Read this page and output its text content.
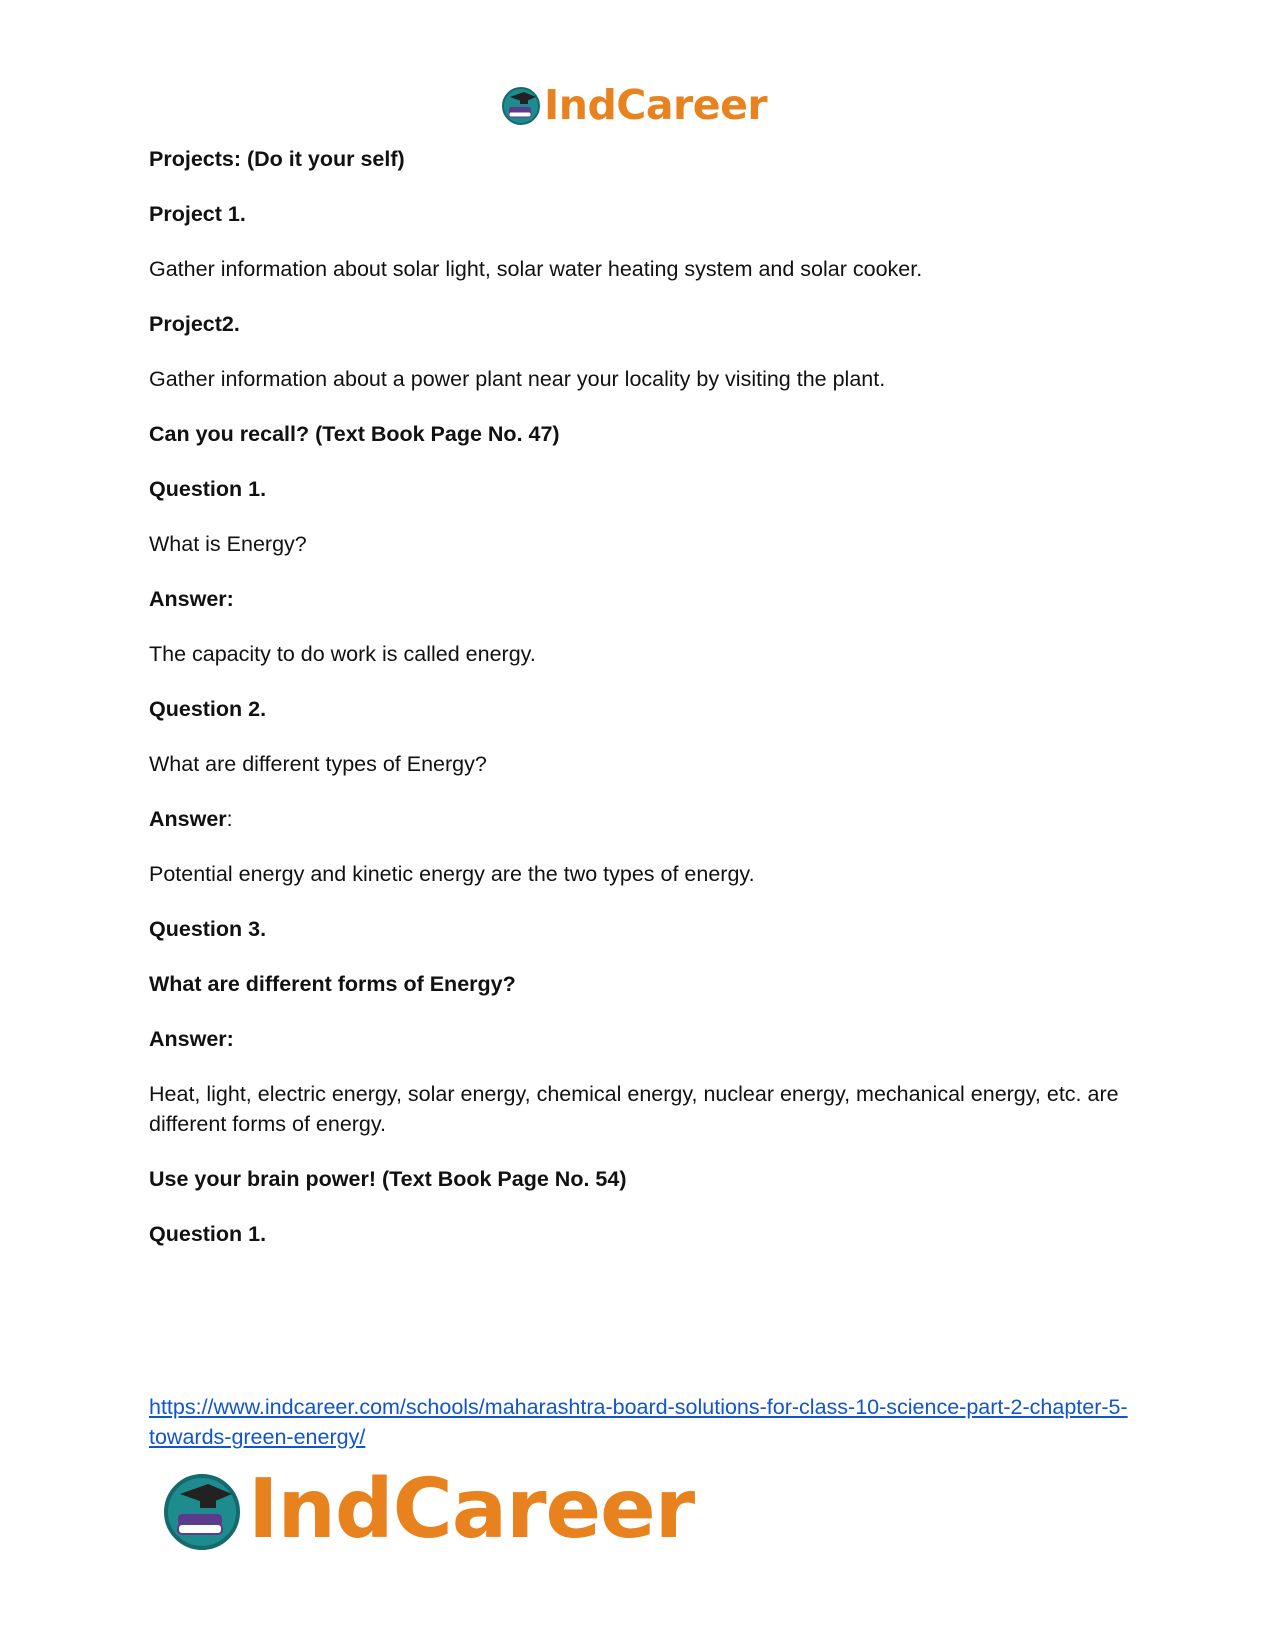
IndCareer

Projects: (Do it your self)

Project 1.

Gather information about solar light, solar water heating system and solar cooker.

Project2.

Gather information about a power plant near your locality by visiting the plant.

Can you recall? (Text Book Page No. 47)

Question 1.

What is Energy?

Answer:

The capacity to do work is called energy.

Question 2.

What are different types of Energy?

Answer:

Potential energy and kinetic energy are the two types of energy.

Question 3.

What are different forms of Energy?

Answer:

Heat, light, electric energy, solar energy, chemical energy, nuclear energy, mechanical energy, etc. are different forms of energy.

Use your brain power! (Text Book Page No. 54)

Question 1.

https://www.indcareer.com/schools/maharashtra-board-solutions-for-class-10-science-part-2-chapter-5-towards-green-energy/
IndCareer
